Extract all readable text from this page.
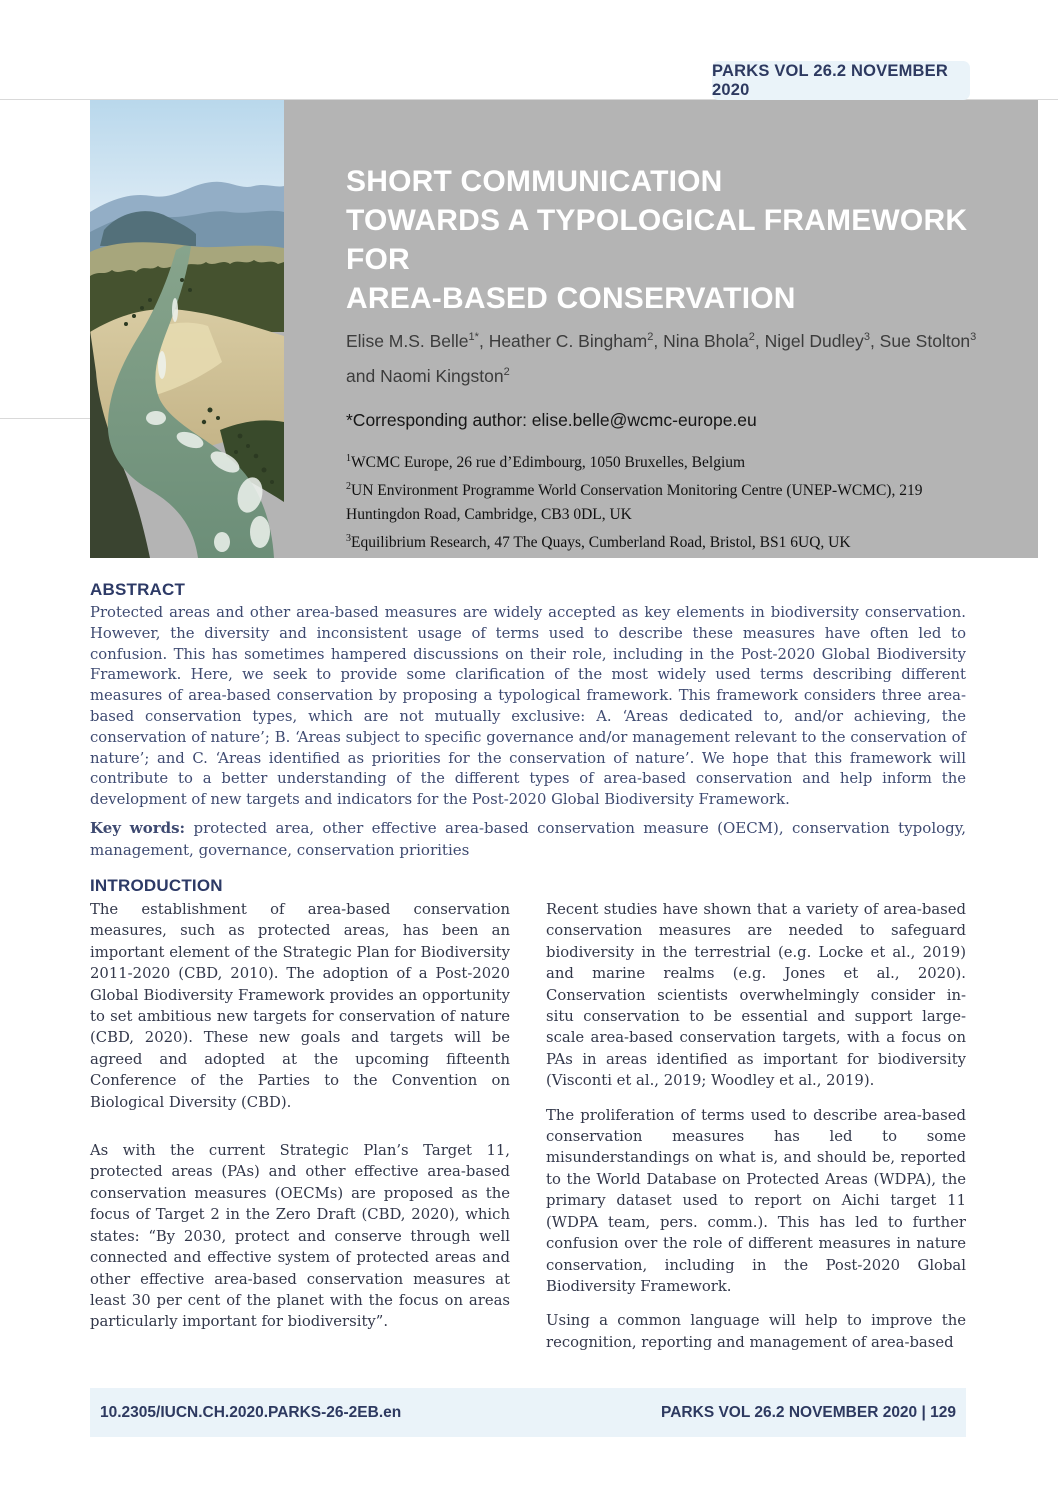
PARKS VOL 26.2 NOVEMBER 2020
SHORT COMMUNICATION
TOWARDS A TYPOLOGICAL FRAMEWORK FOR
AREA-BASED CONSERVATION
Elise M.S. Belle$^{1*}$, Heather C. Bingham$^2$, Nina Bhola$^2$, Nigel Dudley$^3$, Sue Stolton$^3$ and Naomi Kingston$^2$
*Corresponding author: elise.belle@wcmc-europe.eu

$^1$WCMC Europe, 26 rue d’Edimbourg, 1050 Bruxelles, Belgium

$^2$UN Environment Programme World Conservation Monitoring Centre (UNEP-WCMC), 219 Huntingdon Road, Cambridge, CB3 0DL, UK

$^3$Equilibrium Research, 47 The Quays, Cumberland Road, Bristol, BS1 6UQ, UK

ABSTRACT
Protected areas and other area-based measures are widely accepted as key elements in biodiversity conservation. However, the diversity and inconsistent usage of terms used to describe these measures have often led to confusion. This has sometimes hampered discussions on their role, including in the Post-2020 Global Biodiversity Framework. Here, we seek to provide some clarification of the most widely used terms describing different measures of area-based conservation by proposing a typological framework. This framework considers three area-based conservation types, which are not mutually exclusive: A. ‘Areas dedicated to, and/or achieving, the conservation of nature’; B. ‘Areas subject to specific governance and/or management relevant to the conservation of nature’; and C. ‘Areas identified as priorities for the conservation of nature’. We hope that this framework will contribute to a better understanding of the different types of area-based conservation and help inform the development of new targets and indicators for the Post-2020 Global Biodiversity Framework.
Key words: protected area, other effective area-based conservation measure (OECM), conservation typology, management, governance, conservation priorities
INTRODUCTION

The establishment of area-based conservation measures, such as protected areas, has been an important element of the Strategic Plan for Biodiversity 2011-2020 (CBD, 2010). The adoption of a Post-2020 Global Biodiversity Framework provides an opportunity to set ambitious new targets for conservation of nature (CBD, 2020). These new goals and targets will be agreed and adopted at the upcoming fifteenth Conference of the Parties to the Convention on Biological Diversity (CBD).

As with the current Strategic Plan’s Target 11, protected areas (PAs) and other effective area-based conservation measures (OECMs) are proposed as the focus of Target 2 in the Zero Draft (CBD, 2020), which states: “By 2030, protect and conserve through well connected and effective system of protected areas and other effective area-based conservation measures at least 30 per cent of the planet with the focus on areas particularly important for biodiversity”.

Recent studies have shown that a variety of area-based conservation measures are needed to safeguard biodiversity in the terrestrial (e.g. Locke et al., 2019) and marine realms (e.g. Jones et al., 2020). Conservation scientists overwhelmingly consider in-situ conservation to be essential and support large-scale area-based conservation targets, with a focus on PAs in areas identified as important for biodiversity (Visconti et al., 2019; Woodley et al., 2019).

The proliferation of terms used to describe area-based conservation measures has led to some misunderstandings on what is, and should be, reported to the World Database on Protected Areas (WDPA), the primary dataset used to report on Aichi target 11 (WDPA team, pers. comm.). This has led to further confusion over the role of different measures in nature conservation, including in the Post-2020 Global Biodiversity Framework.

Using a common language will help to improve the recognition, reporting and management of area-based

10.2305/IUCN.CH.2020.PARKS-26-2EB.en	PARKS VOL 26.2 NOVEMBER 2020 | 129
